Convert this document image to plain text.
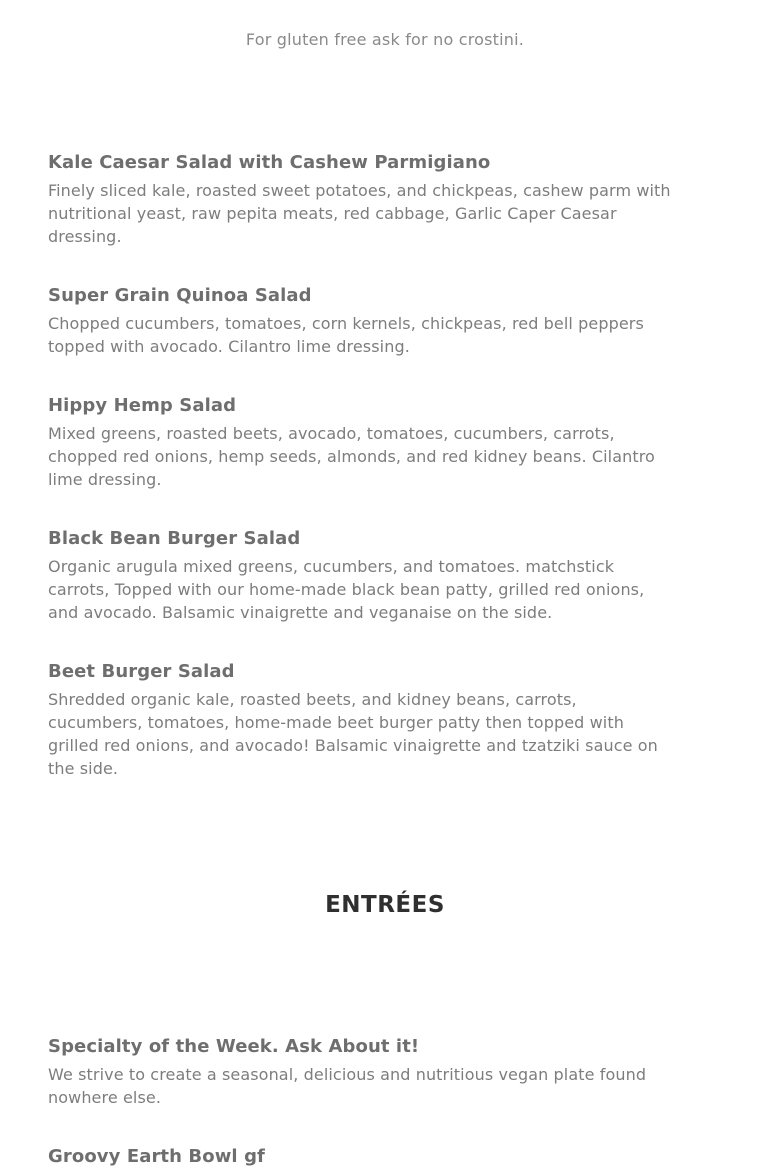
For gluten free ask for no crostini.

Kale Caesar Salad with Cashew Parmigiano

Finely sliced kale, roasted sweet potatoes, and chickpeas, cashew parm with nutritional yeast, raw pepita meats, red cabbage, Garlic Caper Caesar dressing.

Super Grain Quinoa Salad

Chopped cucumbers, tomatoes, corn kernels, chickpeas, red bell peppers topped with avocado. Cilantro lime dressing.

Hippy Hemp Salad

Mixed greens, roasted beets, avocado, tomatoes, cucumbers, carrots, chopped red onions, hemp seeds, almonds, and red kidney beans. Cilantro lime dressing.

Black Bean Burger Salad

Organic arugula mixed greens, cucumbers, and tomatoes. matchstick carrots, Topped with our home-made black bean patty, grilled red onions, and avocado. Balsamic vinaigrette and veganaise on the side.

Beet Burger Salad

Shredded organic kale, roasted beets, and kidney beans, carrots, cucumbers, tomatoes, home-made beet burger patty then topped with grilled red onions, and avocado! Balsamic vinaigrette and tzatziki sauce on the side.

ENTRÉES
Specialty of the Week. Ask About it!

We strive to create a seasonal, delicious and nutritious vegan plate found nowhere else.

Groovy Earth Bowl gf
